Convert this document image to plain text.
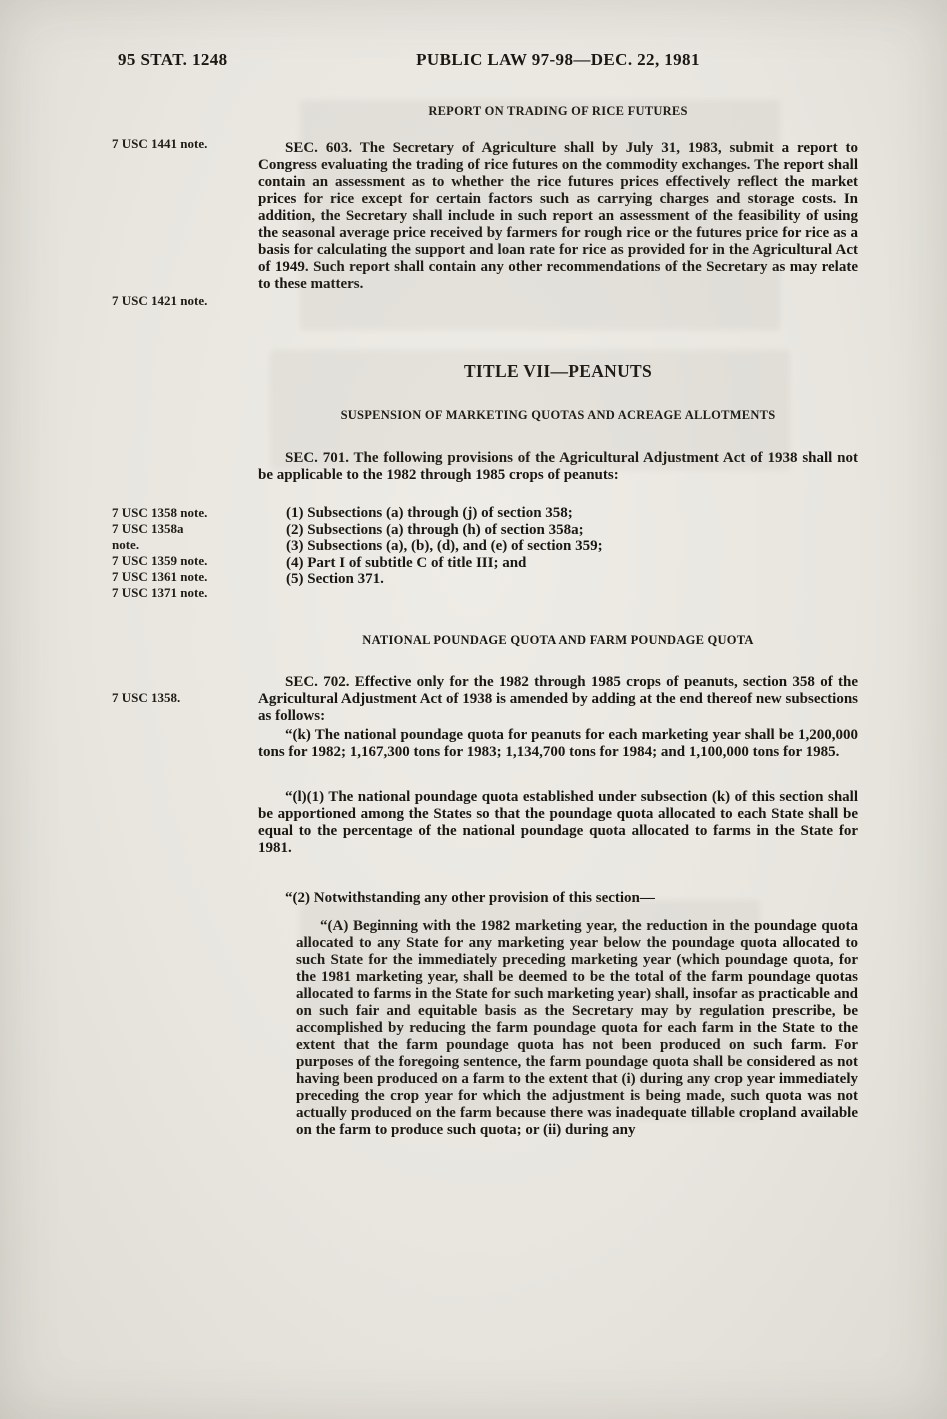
95 STAT. 1248	PUBLIC LAW 97-98—DEC. 22, 1981
7 USC 1441 note.
7 USC 1421 note.
7 USC 1358 note.
7 USC 1358a note.
7 USC 1359 note.
7 USC 1361 note.
7 USC 1371 note.
7 USC 1358.
REPORT ON TRADING OF RICE FUTURES
SEC. 603. The Secretary of Agriculture shall by July 31, 1983, submit a report to Congress evaluating the trading of rice futures on the commodity exchanges. The report shall contain an assessment as to whether the rice futures prices effectively reflect the market prices for rice except for certain factors such as carrying charges and storage costs. In addition, the Secretary shall include in such report an assessment of the feasibility of using the seasonal average price received by farmers for rough rice or the futures price for rice as a basis for calculating the support and loan rate for rice as provided for in the Agricultural Act of 1949. Such report shall contain any other recommendations of the Secretary as may relate to these matters.
TITLE VII—PEANUTS
SUSPENSION OF MARKETING QUOTAS AND ACREAGE ALLOTMENTS
SEC. 701. The following provisions of the Agricultural Adjustment Act of 1938 shall not be applicable to the 1982 through 1985 crops of peanuts:
(1) Subsections (a) through (j) of section 358;
(2) Subsections (a) through (h) of section 358a;
(3) Subsections (a), (b), (d), and (e) of section 359;
(4) Part I of subtitle C of title III; and
(5) Section 371.
NATIONAL POUNDAGE QUOTA AND FARM POUNDAGE QUOTA
SEC. 702. Effective only for the 1982 through 1985 crops of peanuts, section 358 of the Agricultural Adjustment Act of 1938 is amended by adding at the end thereof new subsections as follows:
“(k) The national poundage quota for peanuts for each marketing year shall be 1,200,000 tons for 1982; 1,167,300 tons for 1983; 1,134,700 tons for 1984; and 1,100,000 tons for 1985.
“(l)(1) The national poundage quota established under subsection (k) of this section shall be apportioned among the States so that the poundage quota allocated to each State shall be equal to the percentage of the national poundage quota allocated to farms in the State for 1981.
“(2) Notwithstanding any other provision of this section—
“(A) Beginning with the 1982 marketing year, the reduction in the poundage quota allocated to any State for any marketing year below the poundage quota allocated to such State for the immediately preceding marketing year (which poundage quota, for the 1981 marketing year, shall be deemed to be the total of the farm poundage quotas allocated to farms in the State for such marketing year) shall, insofar as practicable and on such fair and equitable basis as the Secretary may by regulation prescribe, be accomplished by reducing the farm poundage quota for each farm in the State to the extent that the farm poundage quota has not been produced on such farm. For purposes of the foregoing sentence, the farm poundage quota shall be considered as not having been produced on a farm to the extent that (i) during any crop year immediately preceding the crop year for which the adjustment is being made, such quota was not actually produced on the farm because there was inadequate tillable cropland available on the farm to produce such quota; or (ii) during any
